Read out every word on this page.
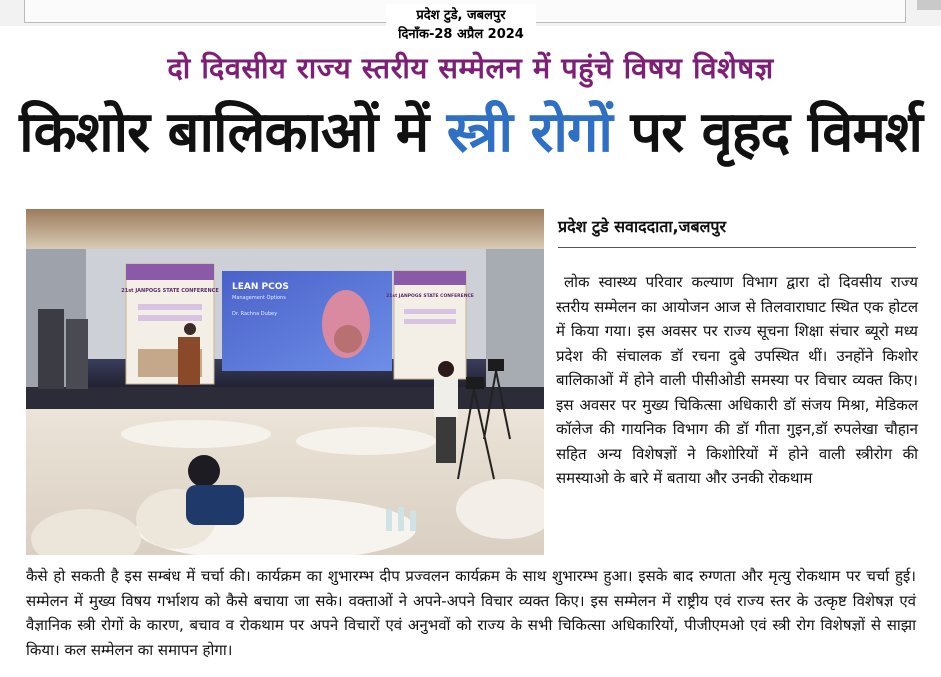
प्रदेश टुडे, जबलपुर
दिनाँक-28 अप्रैल 2024
दो दिवसीय राज्य स्तरीय सम्मेलन में पहुंचे विषय विशेषज्ञ
किशोर बालिकाओं में स्त्री रोगों पर वृहद विमर्श
21st JANPOGS STATE CONFERENCE LEAN PCOS
Management Options
Dr. Rachna Dubey
21st JANPOGS STATE CONFERENCE
प्रदेश टुडे सवाददाता,जबलपुर
लोक स्वास्थ्य परिवार कल्याण विभाग द्वारा दो दिवसीय राज्य स्तरीय सम्मेलन का आयोजन आज से तिलवाराघाट स्थित एक होटल में किया गया। इस अवसर पर राज्य सूचना शिक्षा संचार ब्यूरो मध्य प्रदेश की संचालक डॉ रचना दुबे उपस्थित थीं। उनहोंने किशोर बालिकाओं में होने वाली पीसीओडी समस्या पर विचार व्यक्त किए। इस अवसर पर मुख्य चिकित्सा अधिकारी डॉ संजय मिश्रा, मेडिकल कॉलेज की गायनिक विभाग की डॉ गीता गुइन,डॉ रुपलेखा चौहान सहित अन्य विशेषज्ञों ने किशोरियों में होने वाली स्त्रीरोग की समस्याओ के बारे में बताया और उनकी रोकथाम
कैसे हो सकती है इस सम्बंध में चर्चा की। कार्यक्रम का शुभारम्भ दीप प्रज्वलन कार्यक्रम के साथ शुभारम्भ हुआ। इसके बाद रुग्णता और मृत्यु रोकथाम पर चर्चा हुई। सम्मेलन में मुख्य विषय गर्भाशय को कैसे बचाया जा सके। वक्ताओं ने अपने-अपने विचार व्यक्त किए। इस सम्मेलन में राष्ट्रीय एवं राज्य स्तर के उत्कृष्ट विशेषज्ञ एवं वैज्ञानिक स्त्री रोगों के कारण, बचाव व रोकथाम पर अपने विचारों एवं अनुभवों को राज्य के सभी चिकित्सा अधिकारियों, पीजीएमओ एवं स्त्री रोग विशेषज्ञों से साझा किया। कल सम्मेलन का समापन होगा।
